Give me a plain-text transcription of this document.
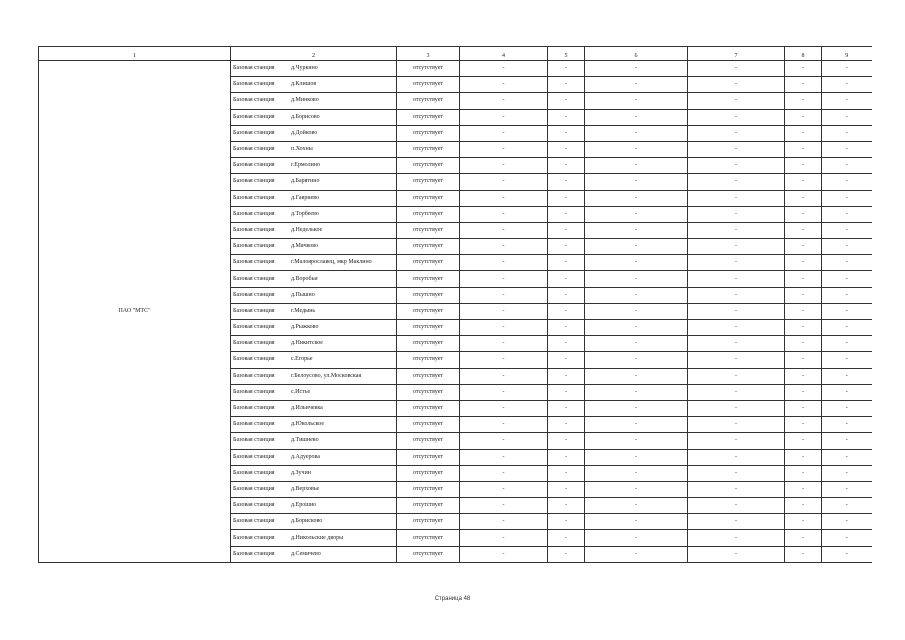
1	2	3	4	5	6	7	8	9
ПАО "МТС"	Базовая станция д.Чуркино	отсутствует	-	-	-	-	-	-
	Базовая станция д.Клишов	отсутствует	-	-	-	-	-	-
	Базовая станция д.Минково	отсутствует	-	-	-	-	-	-
	Базовая станция д.Борисово	отсутствует	-	-	-	-	-	-
	Базовая станция д.Дойково	отсутствует	-	-	-	-	-	-
	Базовая станция п.Хохны	отсутствует	-	-	-	-	-	-
	Базовая станция г.Ермолино	отсутствует	-	-	-	-	-	-
	Базовая станция д.Барятино	отсутствует	-	-	-	-	-	-
	Базовая станция д.Гавриево	отсутствует	-	-	-	-	-	-
	Базовая станция д.Торбеево	отсутствует	-	-	-	-	-	-
	Базовая станция д.Неделькое	отсутствует	-	-	-	-	-	-
	Базовая станция д.Мячково	отсутствует	-	-	-	-	-	-
	Базовая станция г.Малоярославец, мкр Маклино	отсутствует	-	-	-	-	-	-
	Базовая станция д.Воробьи	отсутствует	-	-	-	-	-	-
	Базовая станция д.Пышно	отсутствует	-	-	-	-	-	-
	Базовая станция г.Медынь	отсутствует	-	-	-	-	-	-
	Базовая станция д.Рыжково	отсутствует	-	-	-	-	-	-
	Базовая станция д.Никитское	отсутствует	-	-	-	-	-	-
	Базовая станция с.Егорье	отсутствует	-	-	-	-	-	-
	Базовая станция г.Белоусово, ул.Московская	отсутствует	-	-	-	-	-	-
	Базовая станция с.Истье	отсутствует	-	-	-	-	-	-
	Базовая станция д.Ильичевка	отсутствует	-	-	-	-	-	-
	Базовая станция д.Юкольское	отсутствует	-	-	-	-	-	-
	Базовая станция д.Тишнево	отсутствует	-	-	-	-	-	-
	Базовая станция д.Адуерова	отсутствует	-	-	-	-	-	-
	Базовая станция д.Зучин	отсутствует	-	-	-	-	-	-
	Базовая станция д.Верховье	отсутствует	-	-	-	-	-	-
	Базовая станция д.Ерошио	отсутствует	-	-	-	-	-	-
	Базовая станция д.Борисково	отсутствует	-	-	-	-	-	-
	Базовая станция д.Никольские дворы	отсутствует	-	-	-	-	-	-
	Базовая станция д.Семичево	отсутствует	-	-	-	-	-	-
Страница 48
